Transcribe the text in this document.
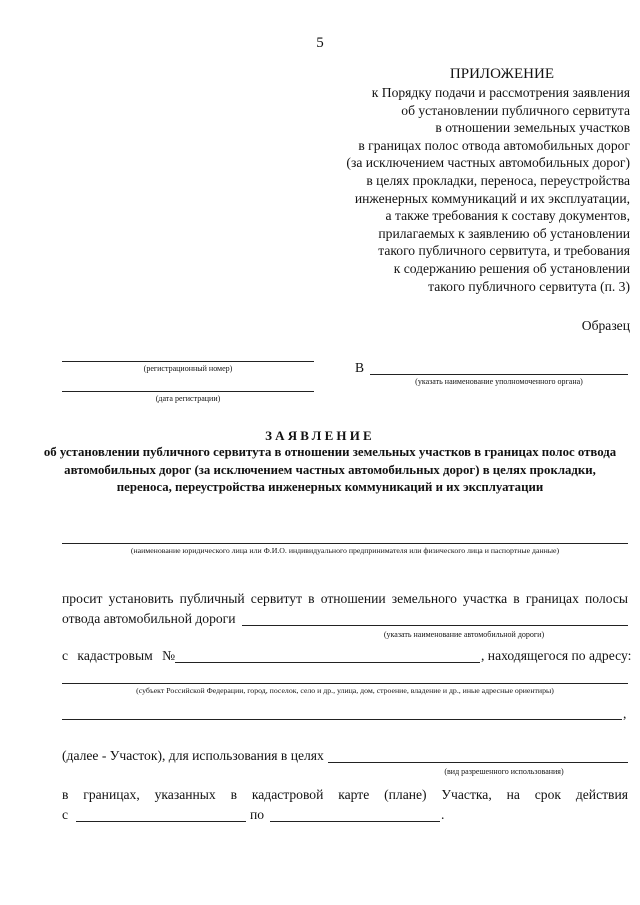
5
ПРИЛОЖЕНИЕ
к Порядку подачи и рассмотрения заявления
об установлении публичного сервитута
в отношении земельных участков
в границах полос отвода автомобильных дорог
(за исключением частных автомобильных дорог)
в целях прокладки, переноса, переустройства
инженерных коммуникаций и их эксплуатации,
а также требования к составу документов,
прилагаемых к заявлению об установлении
такого публичного сервитута, и требования
к содержанию решения об установлении
такого публичного сервитута (п. 3)
Образец
(регистрационный номер)
(дата регистрации)
В
(указать наименование уполномоченного органа)
ЗАЯВЛЕНИЕ
об установлении публичного сервитута в отношении земельных участков в границах полос отвода автомобильных дорог (за исключением частных автомобильных дорог) в целях прокладки, переноса, переустройства инженерных коммуникаций и их эксплуатации
(наименование юридического лица или Ф.И.О. индивидуального предпринимателя или физического лица и паспортные данные)
просит установить публичный сервитут в отношении земельного участка в границах полосы
отвода автомобильной дороги
(указать наименование автомобильной дороги)
с кадастровым №	, находящегося по адресу:
(субъект Российской Федерации, город, поселок, село и др., улица, дом, строение, владение и др., иные адресные ориентиры)
,
(далее - Участок), для использования в целях
(вид разрешенного использования)
в границах, указанных в кадастровой карте (плане) Участка, на срок действия
с	по	.
